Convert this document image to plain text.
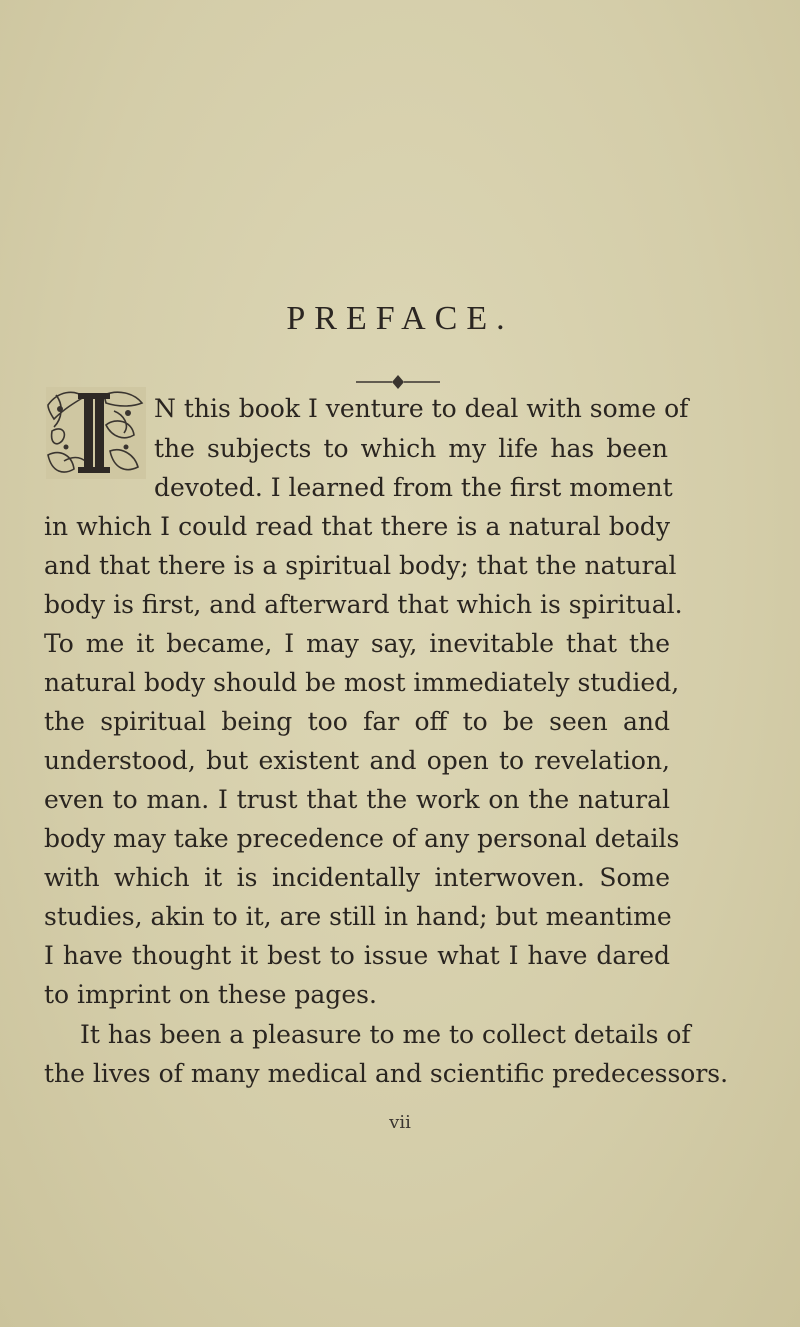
PREFACE.
N this book I venture to deal with some of
the subjects to which my life has been
devoted. I learned from the first moment
in which I could read that there is a natural body
and that there is a spiritual body; that the natural
body is first, and afterward that which is spiritual.
To me it became, I may say, inevitable that the
natural body should be most immediately studied,
the spiritual being too far off to be seen and
understood, but existent and open to revelation,
even to man. I trust that the work on the natural
body may take precedence of any personal details
with which it is incidentally interwoven. Some
studies, akin to it, are still in hand; but meantime
I have thought it best to issue what I have dared
to imprint on these pages.
It has been a pleasure to me to collect details of
the lives of many medical and scientific predecessors.
vii
